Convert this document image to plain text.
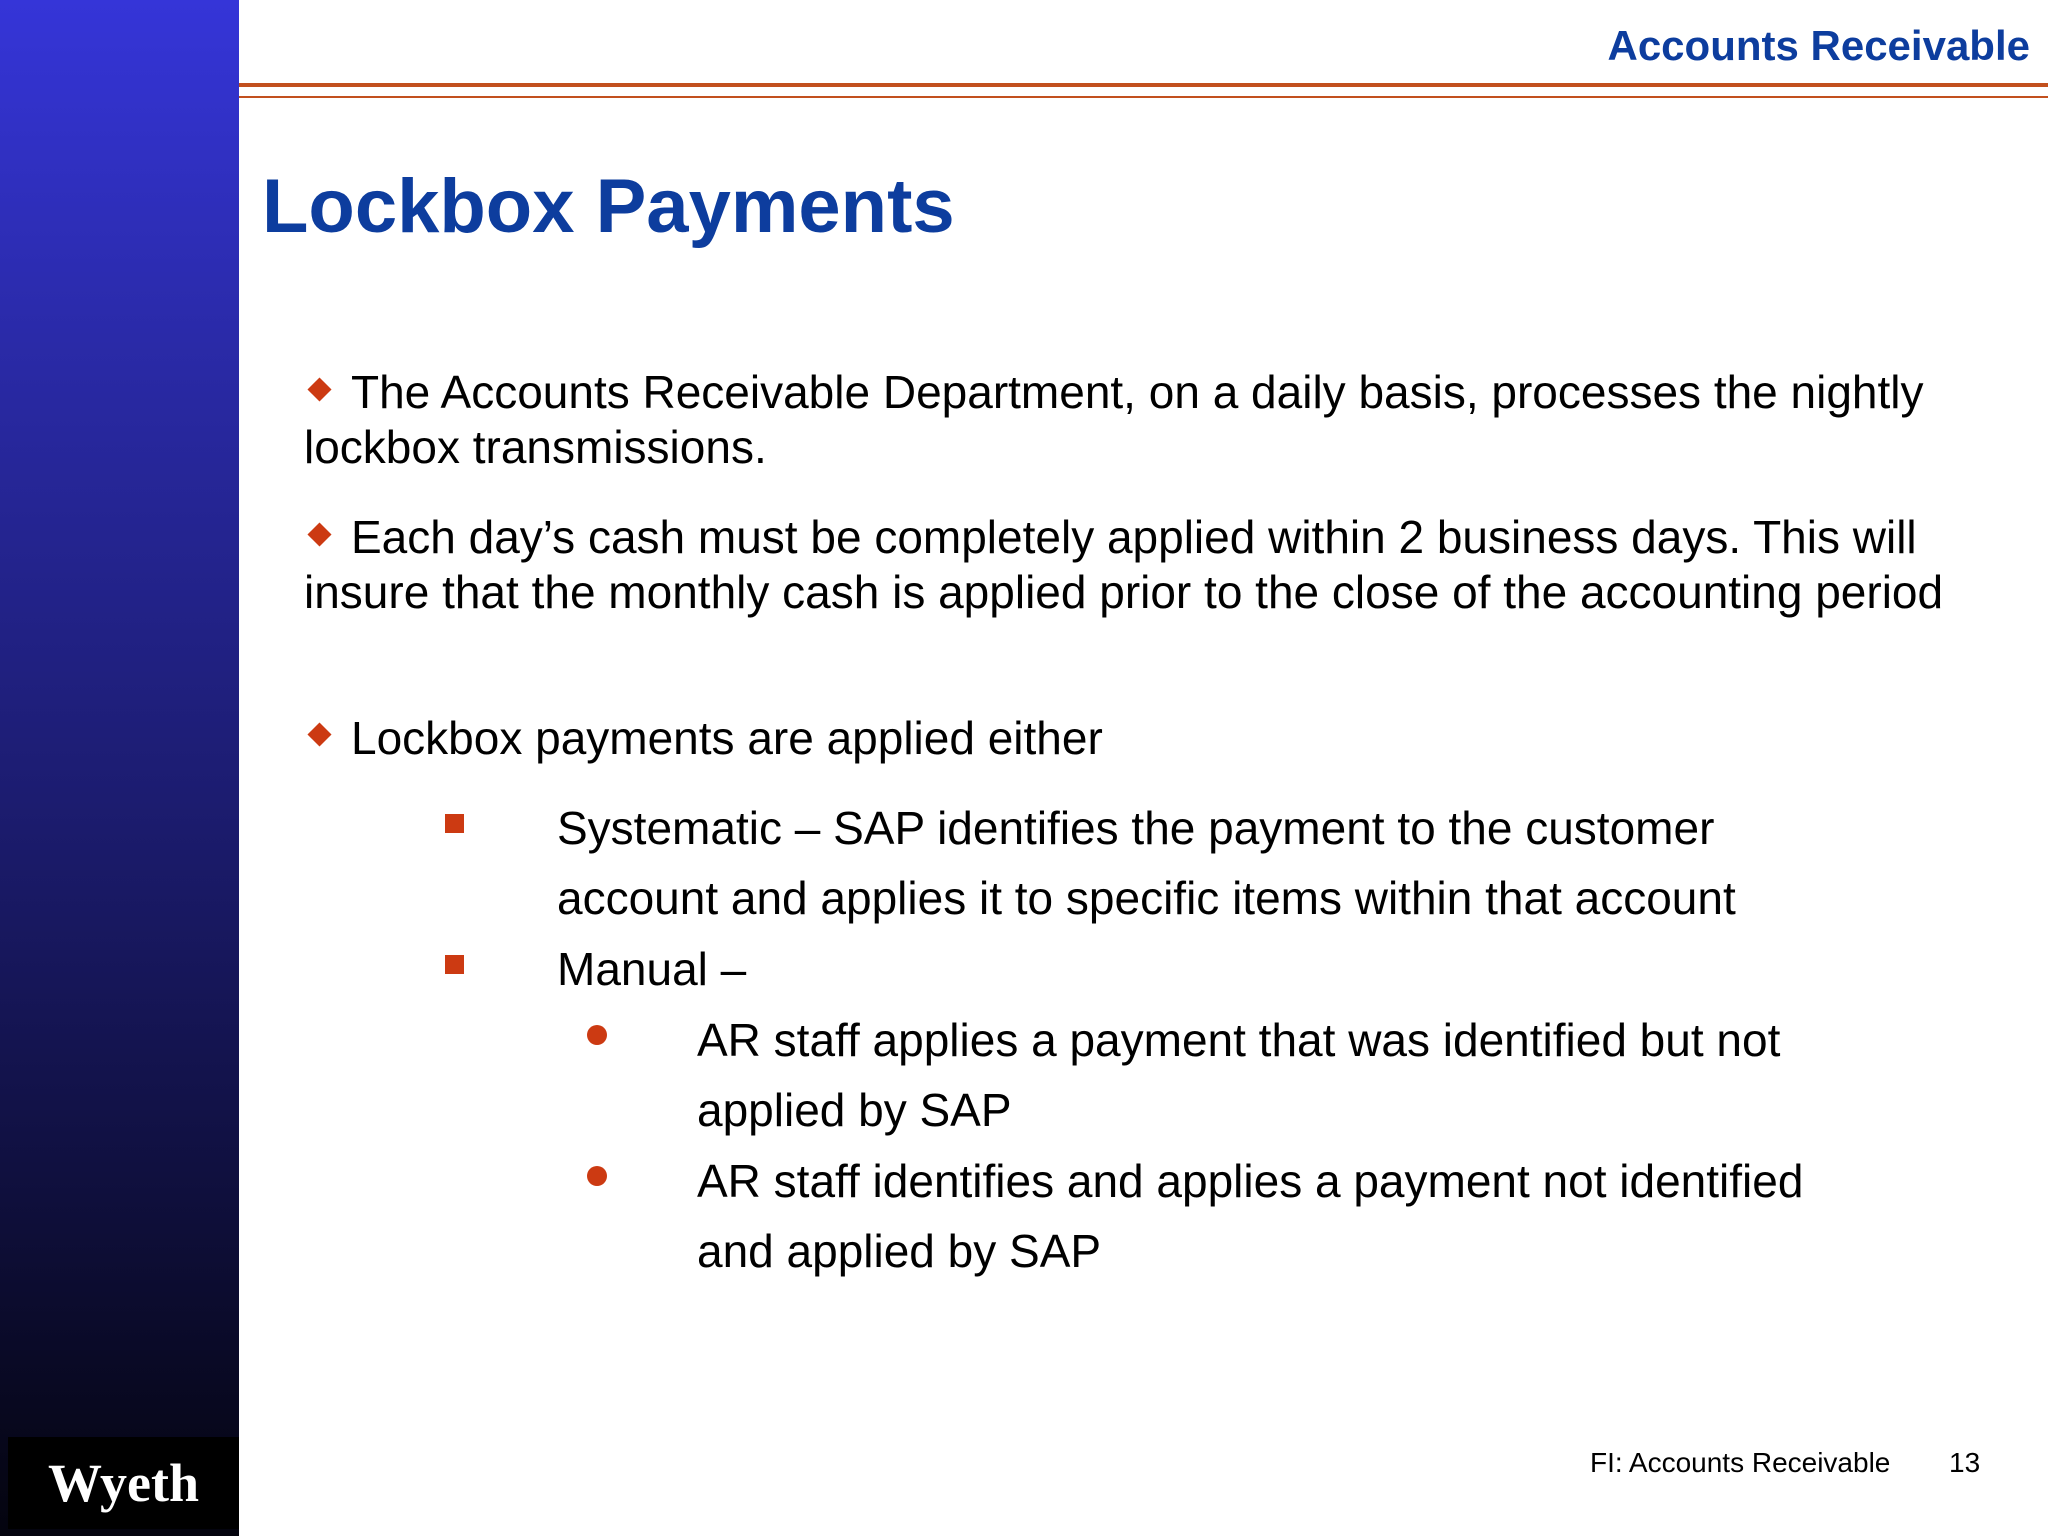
Wyeth
Accounts Receivable
Lockbox Payments
The Accounts Receivable Department, on a daily basis, processes the nightly lockbox transmissions.
Each day’s cash must be completely applied within 2 business days. This will insure that the monthly cash is applied prior to the close of the accounting period
Lockbox payments are applied either
Systematic – SAP identifies the payment to the customer
account and applies it to specific items within that account
Manual –
AR staff applies a payment that was identified but not
applied by SAP
AR staff identifies and applies a payment not identified
and applied by SAP
FI: Accounts Receivable 13
